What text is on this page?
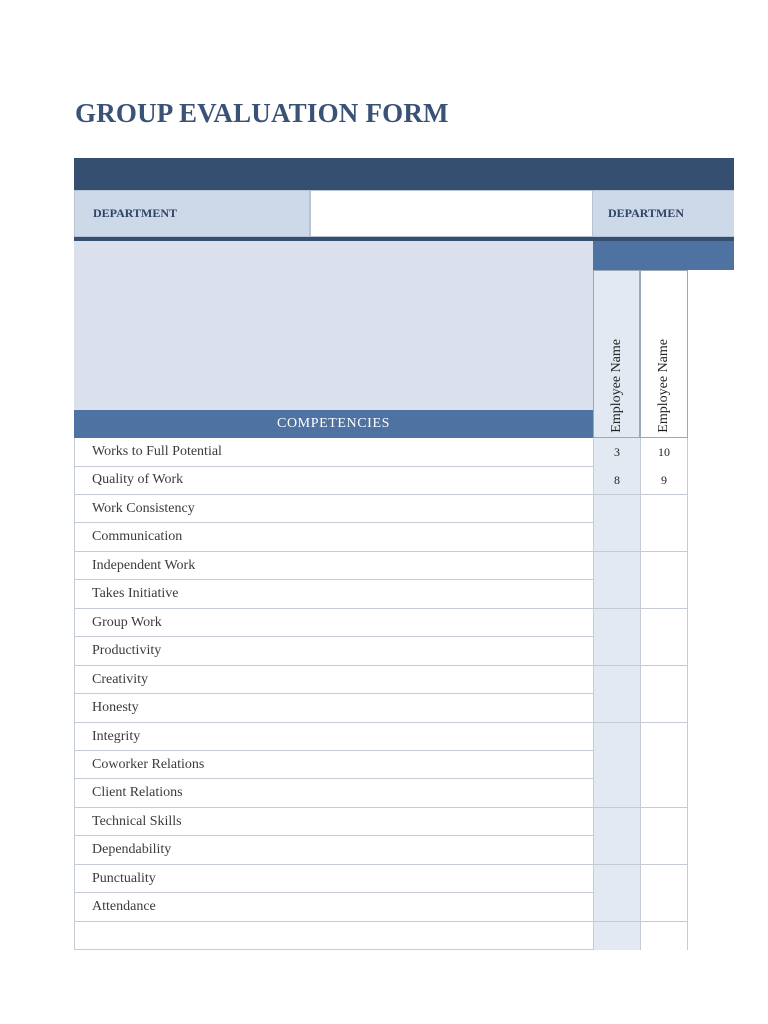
GROUP EVALUATION FORM
DEPARTMENT	DEPARTMEN
COMPETENCIES	Employee Name Employee Name
Works to Full Potential	3	10
Quality of Work	8	9
Work Consistency
Communication
Independent Work
Takes Initiative
Group Work
Productivity
Creativity
Honesty
Integrity
Coworker Relations
Client Relations
Technical Skills
Dependability
Punctuality
Attendance
